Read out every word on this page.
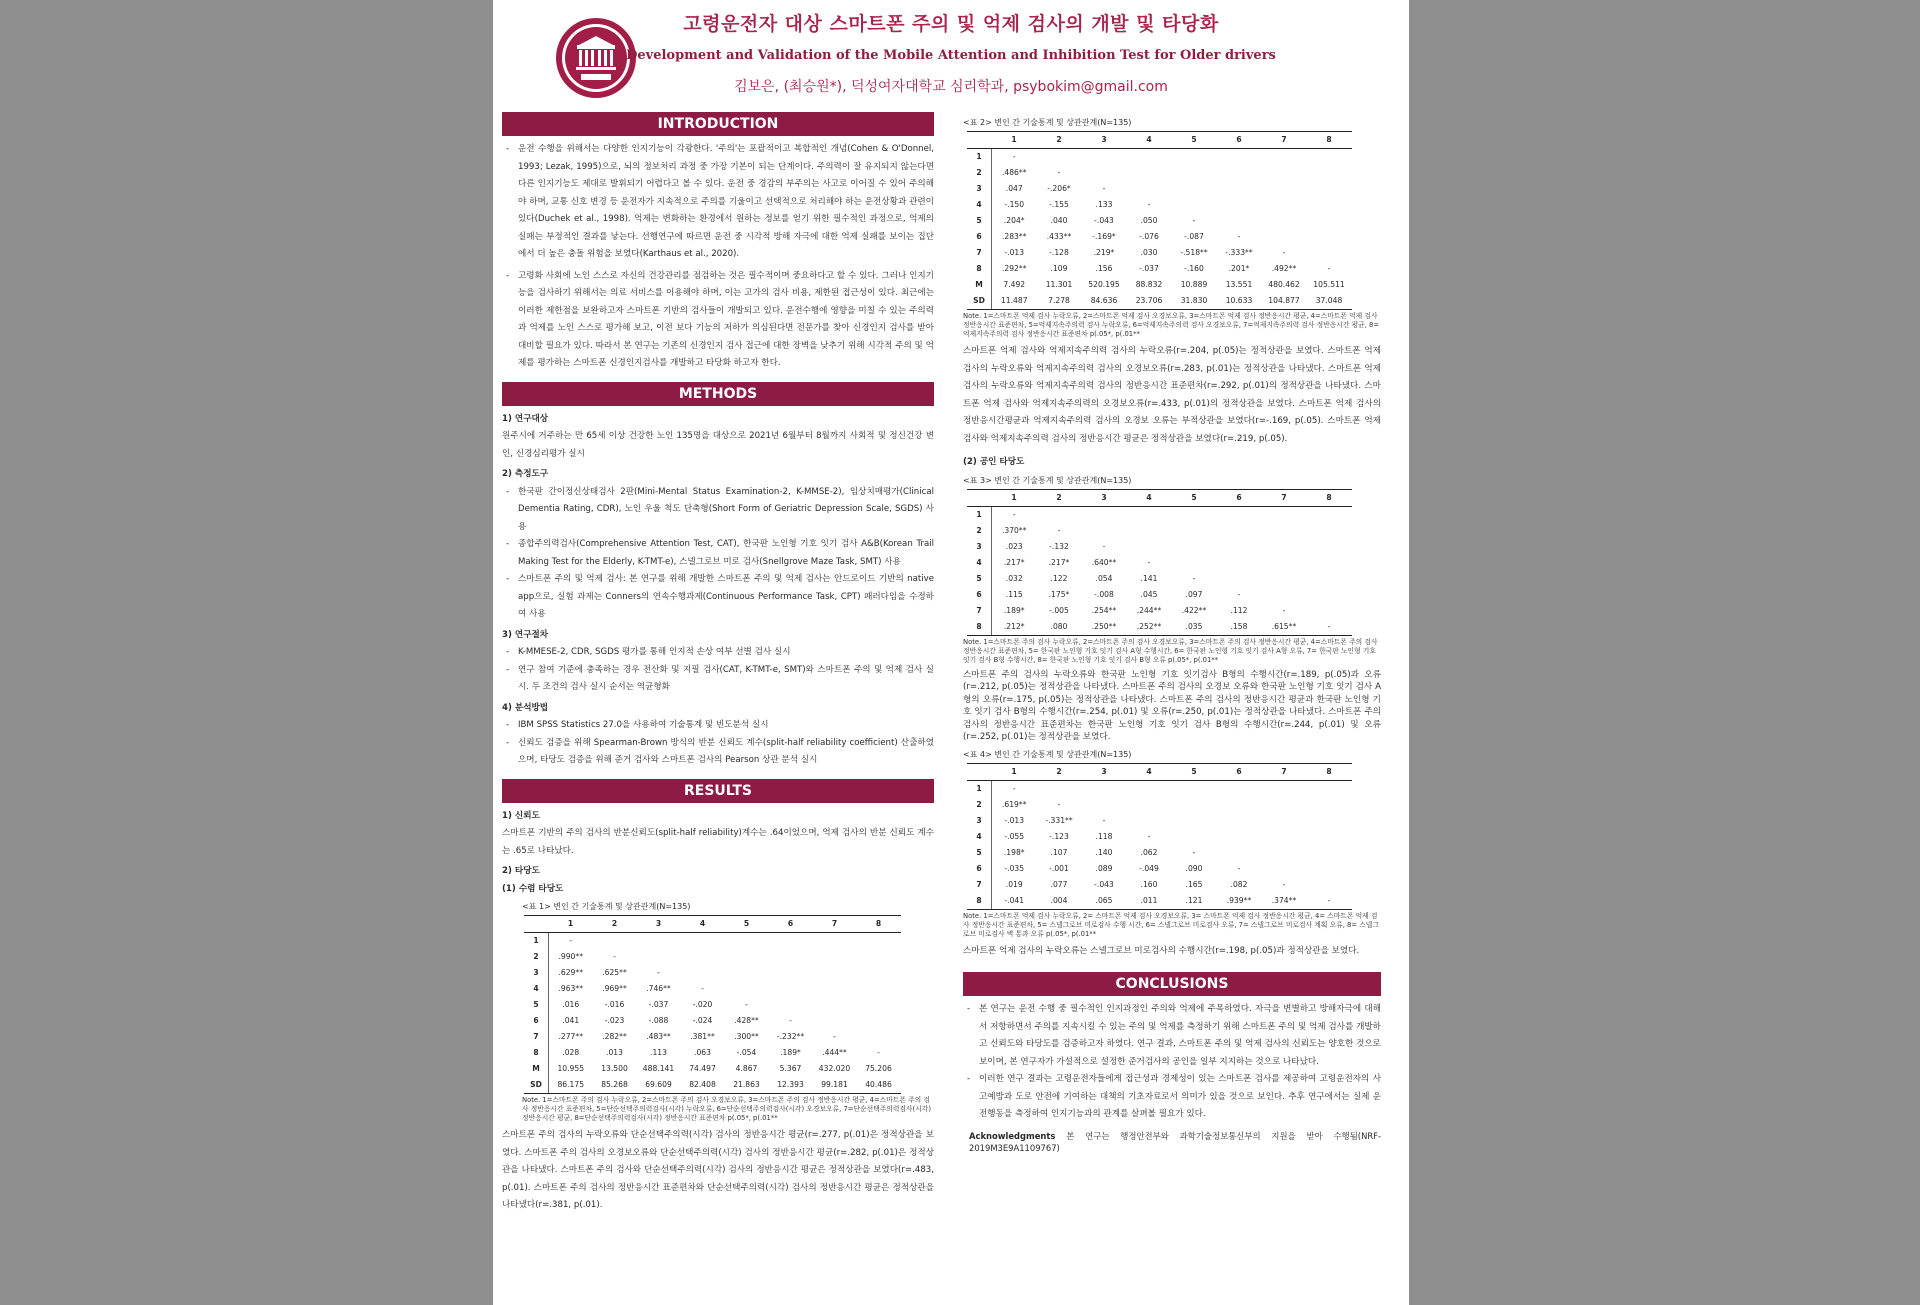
고령운전자 대상 스마트폰 주의 및 억제 검사의 개발 및 타당화
Development and Validation of the Mobile Attention and Inhibition Test for Older drivers
김보은, (최승원*), 덕성여자대학교 심리학과, psybokim@gmail.com
INTRODUCTION
- 운전 수행을 위해서는 다양한 인지기능이 각광한다. '주의'는 포괄적이고 복합적인 개념(Cohen & O'Donnel, 1993; Lezak, 1995)으로, 뇌의 정보처리 과정 중 가장 기본이 되는 단계이다. 주의력이 잘 유지되지 않는다면 다른 인지기능도 제대로 발휘되기 어렵다고 볼 수 있다. 운전 중 경감의 부주의는 사고로 이어질 수 있어 주의해야 하며, 교통 신호 변경 등 운전자가 지속적으로 주의를 기울이고 선택적으로 처리해야 하는 운전상황과 관련이 있다(Duchek et al., 1998). 억제는 변화하는 환경에서 원하는 정보를 얻기 위한 필수적인 과정으로, 억제의 실패는 부정적인 결과를 낳는다. 선행연구에 따르면 운전 중 시각적 방해 자극에 대한 억제 실패를 보이는 집단에서 더 높은 충돌 위험을 보였다(Karthaus et al., 2020).
- 고령화 사회에 노인 스스로 자신의 건강관리를 점검하는 것은 필수적이며 중요하다고 할 수 있다. 그러나 인지기능을 검사하기 위해서는 의료 서비스를 이용해야 하며, 이는 고가의 검사 비용, 제한된 접근성이 있다. 최근에는 이러한 제한점을 보완하고자 스마트폰 기반의 검사들이 개발되고 있다. 운전수행에 영향을 미칠 수 있는 주의력과 억제를 노인 스스로 평가해 보고, 이전 보다 기능의 저하가 의심된다면 전문가를 찾아 신경인지 검사를 받아 대비할 필요가 있다. 따라서 본 연구는 기존의 신경인지 검사 접근에 대한 장벽을 낮추기 위해 시각적 주의 및 억제를 평가하는 스마트폰 신경인지검사를 개발하고 타당화 하고자 한다.
METHODS
1) 연구대상

원주시에 거주하는 만 65세 이상 건강한 노인 135명을 대상으로 2021년 6월부터 8월까지 사회적 및 정신건강 변인, 신경심리평가 실시

2) 측정도구
- 한국판 간이정신상태검사 2판(Mini-Mental Status Examination-2, K-MMSE-2), 임상치매평가(Clinical Dementia Rating, CDR), 노인 우울 척도 단축형(Short Form of Geriatric Depression Scale, SGDS) 사용
- 종합주의력검사(Comprehensive Attention Test, CAT), 한국판 노인형 기호 잇기 검사 A&B(Korean Trail Making Test for the Elderly, K-TMT-e), 스넬그로브 미로 검사(Snellgrove Maze Task, SMT) 사용
- 스마트폰 주의 및 억제 검사: 본 연구를 위해 개발한 스마트폰 주의 및 억제 검사는 안드로이드 기반의 native app으로, 실험 과제는 Conners의 연속수행과제(Continuous Performance Task, CPT) 패러다임을 수정하여 사용
3) 연구절차
- K-MMESE-2, CDR, SGDS 평가를 통해 인지적 손상 여부 선별 검사 실시
- 연구 참여 기준에 충족하는 경우 전산화 및 지필 검사(CAT, K-TMT-e, SMT)와 스마트폰 주의 및 억제 검사 실시. 두 조건의 검사 실시 순서는 역균형화
4) 분석방법
- IBM SPSS Statistics 27.0을 사용하여 기술통계 및 빈도분석 실시
- 신뢰도 검증을 위해 Spearman-Brown 방식의 반분 신뢰도 계수(split-half reliability coefficient) 산출하였으며, 타당도 검증을 위해 준거 검사와 스마트폰 검사의 Pearson 상관 분석 실시
RESULTS
1) 신뢰도

스마트폰 기반의 주의 검사의 반분신뢰도(split-half reliability)계수는 .64이었으며, 억제 검사의 반분 신뢰도 계수는 .65로 나타났다.

2) 타당도
(1) 수렴 타당도
<표 1> 변인 간 기술통계 및 상관관계(N=135)
	1	2	3	4	5	6	7	8
1	-							
2	.990**	-						
3	.629**	.625**	-					
4	.963**	.969**	.746**	-				
5	.016	-.016	-.037	-.020	-			
6	.041	-.023	-.088	-.024	.428**	-		
7	.277**	.282**	.483**	.381**	.300**	-.232**	-	
8	.028	.013	.113	.063	-.054	.189*	.444**	-
M	10.955	13.500	488.141	74.497	4.867	5.367	432.020	75.206
SD	86.175	85.268	69.609	82.408	21.863	12.393	99.181	40.486
Note. 1=스마트폰 주의 검사 누락오류, 2=스마트폰 주의 검사 오경보오류, 3=스마트폰 주의 검사 정반응시간 평균, 4=스마트폰 주의 검사 정반응시간 표준편차, 5=단순선택주의력검사(시각) 누락오류, 6=단순선택주의력검사(시각) 오경보오류, 7=단순선택주의력검사(시각) 정반응시간 평균, 8=단순선택주의력검사(시각) 정반응시간 표준편차 p(.05*, p(.01**

스마트폰 주의 검사의 누락오류와 단순선택주의력(시각) 검사의 정반응시간 평균(r=.277, p(.01)은 정적상관을 보였다. 스마트폰 주의 검사의 오경보오류와 단순선택주의력(시각) 검사의 정반응시간 평균(r=.282, p(.01)은 정적상관을 나타냈다. 스마트폰 주의 검사와 단순선택주의력(시각) 검사의 정반응시간 평균은 정적상관을 보였다(r=.483, p(.01). 스마트폰 주의 검사의 정반응시간 표준편차와 단순선택주의력(시각) 검사의 정반응시간 평균은 정적상관을 나타냈다(r=.381, p(.01).

<표 2> 변인 간 기술통계 및 상관관계(N=135)
	1	2	3	4	5	6	7	8
1	-							
2	.486**	-						
3	.047	-.206*	-					
4	-.150	-.155	.133	-				
5	.204*	.040	-.043	.050	-			
6	.283**	.433**	-.169*	-.076	-.087	-		
7	-.013	-.128	.219*	.030	-.518**	-.333**	-	
8	.292**	.109	.156	-.037	-.160	.201*	.492**	-
M	7.492	11.301	520.195	88.832	10.889	13.551	480.462	105.511
SD	11.487	7.278	84.636	23.706	31.830	10.633	104.877	37.048
Note. 1=스마트폰 억제 검사 누락오류, 2=스마트폰 억제 검사 오경보오류, 3=스마트폰 억제 검사 정반응시간 평균, 4=스마트폰 억제 검사 정반응시간 표준편차, 5=억제지속주의력 검사 누락오류, 6=억제지속주의력 검사 오경보오류, 7=억제지속주의력 검사 정반응시간 평균, 8=억제지속주의력 검사 정반응시간 표준편차 p(.05*, p(.01**

스마트폰 억제 검사와 억제지속주의력 검사의 누락오류(r=.204, p(.05)는 정적상관을 보였다. 스마트폰 억제 검사의 누락오류와 억제지속주의력 검사의 오경보오류(r=.283, p(.01)는 정적상관을 나타냈다. 스마트폰 억제 검사의 누락오류와 억제지속주의력 검사의 정반응시간 표준편차(r=.292, p(.01)의 정적상관을 나타냈다. 스마트폰 억제 검사와 억제지속주의력의 오경보오류(r=.433, p(.01)의 정적상관을 보였다. 스마트폰 억제 검사의 정반응시간평균과 억제지속주의력 검사의 오경보 오류는 부적상관을 보였다(r=-.169, p(.05). 스마트폰 억제 검사와 억제지속주의력 검사의 정반응시간 평균은 정적상관을 보였다(r=.219, p(.05).

(2) 공인 타당도
<표 3> 변인 간 기술통계 및 상관관계(N=135)
	1	2	3	4	5	6	7	8
1	-							
2	.370**	-						
3	.023	-.132	-					
4	.217*	.217*	.640**	-				
5	.032	.122	.054	.141	-			
6	.115	.175*	-.008	.045	.097	-		
7	.189*	-.005	.254**	.244**	.422**	.112	-	
8	.212*	.080	.250**	.252**	.035	.158	.615**	-
Note. 1=스마트폰 주의 검사 누락오류, 2=스마트폰 주의 검사 오경보오류, 3=스마트폰 주의 검사 정반응시간 평균, 4=스마트폰 주의 검사 정반응시간 표준편차, 5= 한국판 노인형 기호 잇기 검사 A형 수행시간, 6= 한국판 노인형 기호 잇기 검사 A형 오류, 7= 한국판 노인형 기호 잇기 검사 B형 수행시간, 8= 한국판 노인형 기호 잇기 검사 B형 오류 p(.05*, p(.01**

스마트폰 주의 검사의 누락오류와 한국판 노인형 기호 잇기검사 B형의 수행시간(r=.189, p(.05)과 오류(r=.212, p(.05)는 정적상관을 나타냈다. 스마트폰 주의 검사의 오경보 오류와 한국판 노인형 기호 잇기 검사 A형의 오류(r=.175, p(.05)는 정적상관을 나타냈다. 스마트폰 주의 검사의 정반응시간 평균과 한국판 노인형 기호 잇기 검사 B형의 수행시간(r=.254, p(.01) 및 오류(r=.250, p(.01)는 정적상관을 나타냈다. 스마트폰 주의 검사의 정반응시간 표준편차는 한국판 노인형 기호 잇기 검사 B형의 수행시간(r=.244, p(.01) 및 오류(r=.252, p(.01)는 정적상관을 보였다.

<표 4> 변인 간 기술통계 및 상관관계(N=135)
	1	2	3	4	5	6	7	8
1	-							
2	.619**	-						
3	-.013	-.331**	-					
4	-.055	-.123	.118	-				
5	.198*	.107	.140	.062	-			
6	-.035	-.001	.089	-.049	.090	-		
7	.019	.077	-.043	.160	.165	.082	-	
8	-.041	.004	.065	.011	.121	.939**	.374**	-
Note. 1=스마트폰 억제 검사 누락오류, 2= 스마트폰 억제 검사 오경보오류, 3= 스마트폰 억제 검사 정반응시간 평균, 4= 스마트폰 억제 검사 정반응시간 표준편차, 5= 스넬그로브 미로검사 수행 시간, 6= 스넬그로브 미로검사 오류, 7= 스넬그로브 미로검사 계획 오류, 8= 스넬그로브 미로검사 벽 통과 오류 p(.05*, p(.01**

스마트폰 억제 검사의 누락오류는 스넬그로브 미로검사의 수행시간(r=.198, p(.05)과 정적상관을 보였다.

CONCLUSIONS
- 본 연구는 운전 수행 중 필수적인 인지과정인 주의와 억제에 주목하였다. 자극을 변별하고 방해자극에 대해서 저항하면서 주의를 지속시킬 수 있는 주의 및 억제를 측정하기 위해 스마트폰 주의 및 억제 검사를 개발하고 신뢰도와 타당도를 검증하고자 하였다. 연구 결과, 스마트폰 주의 및 억제 검사의 신뢰도는 양호한 것으로 보이며, 본 연구자가 가설적으로 설정한 준거검사의 공인을 일부 지지하는 것으로 나타났다.
- 이러한 연구 결과는 고령운전자들에게 접근성과 경제성이 있는 스마트폰 검사를 제공하여 고령운전자의 사고예방과 도로 안전에 기여하는 대책의 기초자료로서 의미가 있을 것으로 보인다. 추후 연구에서는 실제 운전행동을 측정하여 인지기능과의 관계를 살펴볼 필요가 있다.

Acknowledgments 본 연구는 행정안전부와 과학기술정보통신부의 지원을 받아 수행됨(NRF-2019M3E9A1109767)
